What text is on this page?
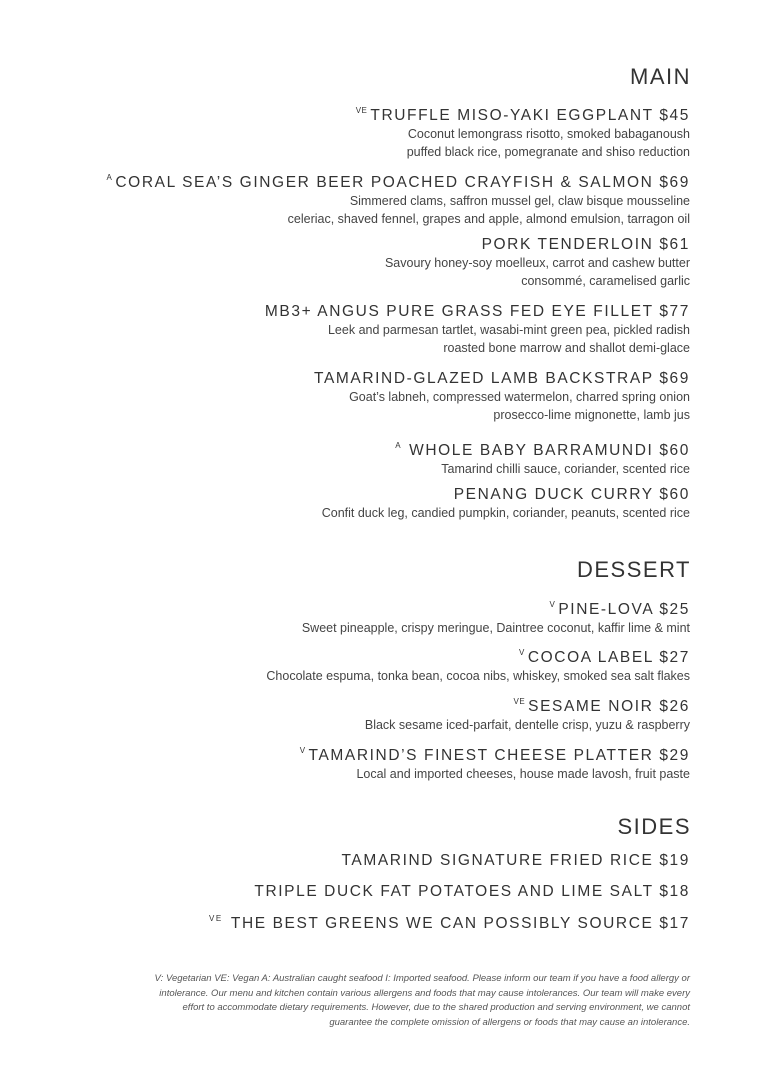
MAIN
$^{VE}$ TRUFFLE MISO-YAKI EGGPLANT $45
Coconut lemongrass risotto, smoked babaganoush
puffed black rice, pomegranate and shiso reduction
$^A$ CORAL SEA’S GINGER BEER POACHED CRAYFISH & SALMON $69
Simmered clams, saffron mussel gel, claw bisque mousseline
celeriac, shaved fennel, grapes and apple, almond emulsion, tarragon oil
PORK TENDERLOIN $61
Savoury honey-soy moelleux, carrot and cashew butter
consommé, caramelised garlic
MB3+ ANGUS PURE GRASS FED EYE FILLET $77
Leek and parmesan tartlet, wasabi-mint green pea, pickled radish
roasted bone marrow and shallot demi-glace
TAMARIND-GLAZED LAMB BACKSTRAP $69
Goat’s labneh, compressed watermelon, charred spring onion
prosecco-lime mignonette, lamb jus
$^A$ WHOLE BABY BARRAMUNDI $60
Tamarind chilli sauce, coriander, scented rice
PENANG DUCK CURRY $60
Confit duck leg, candied pumpkin, coriander, peanuts, scented rice
DESSERT
$^V$ PINE-LOVA $25
Sweet pineapple, crispy meringue, Daintree coconut, kaffir lime & mint
$^V$ COCOA LABEL $27
Chocolate espuma, tonka bean, cocoa nibs, whiskey, smoked sea salt flakes
$^{VE}$ SESAME NOIR $26
Black sesame iced-parfait, dentelle crisp, yuzu & raspberry
$^V$ TAMARIND’S FINEST CHEESE PLATTER $29
Local and imported cheeses, house made lavosh, fruit paste
SIDES
TAMARIND SIGNATURE FRIED RICE $19
TRIPLE DUCK FAT POTATOES AND LIME SALT $18
$^{VE}$ THE BEST GREENS WE CAN POSSIBLY SOURCE $17
V: Vegetarian VE: Vegan A: Australian caught seafood I: Imported seafood. Please inform our team if you have a food allergy or
intolerance. Our menu and kitchen contain various allergens and foods that may cause intolerances. Our team will make every
effort to accommodate dietary requirements. However, due to the shared production and serving environment, we cannot
guarantee the complete omission of allergens or foods that may cause an intolerance.
